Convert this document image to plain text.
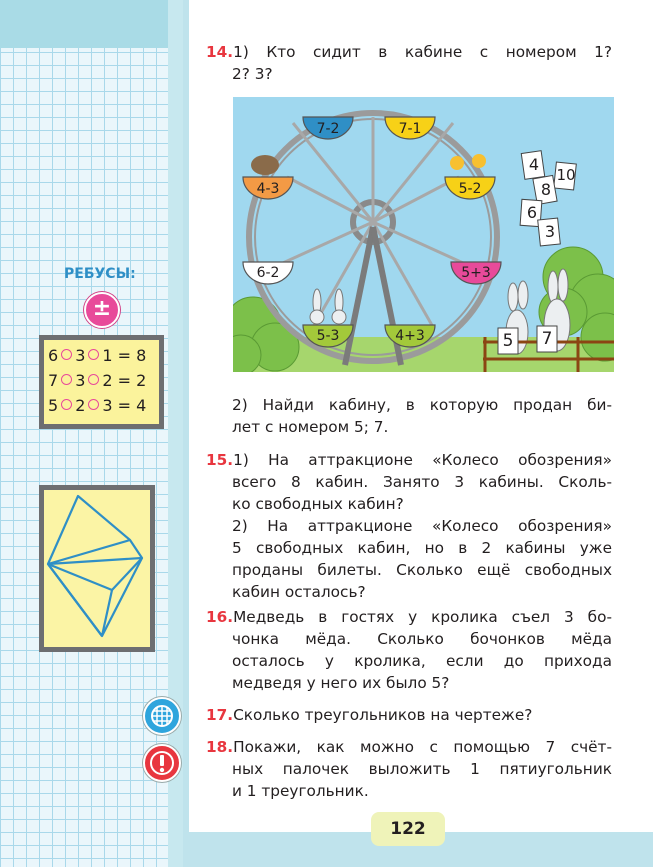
РЕБУСЫ:
±
6 3 1 = 8
7 3 2 = 2
5 2 3 = 4
14.1) Кто сидит в кабине с номером 1?
2? 3?
7-2	7-1
4-3	5-2
6-2	5+3
5-3	4+3
4
10
8
6
3
5 7
2) Найди кабину, в которую продан би-
лет с номером 5; 7.
15.1) На аттракционе «Колесо обозрения»
всего 8 кабин. Занято 3 кабины. Сколь-
ко свободных кабин?
2) На аттракционе «Колесо обозрения»
5 свободных кабин, но в 2 кабины уже
проданы билеты. Сколько ещё свободных
кабин осталось?
16.Медведь в гостях у кролика съел 3 бо-
чонка мёда. Сколько бочонков мёда
осталось у кролика, если до прихода
медведя у него их было 5?
17.Сколько треугольников на чертеже?
18.Покажи, как можно с помощью 7 счёт-
ных палочек выложить 1 пятиугольник
и 1 треугольник.
122
